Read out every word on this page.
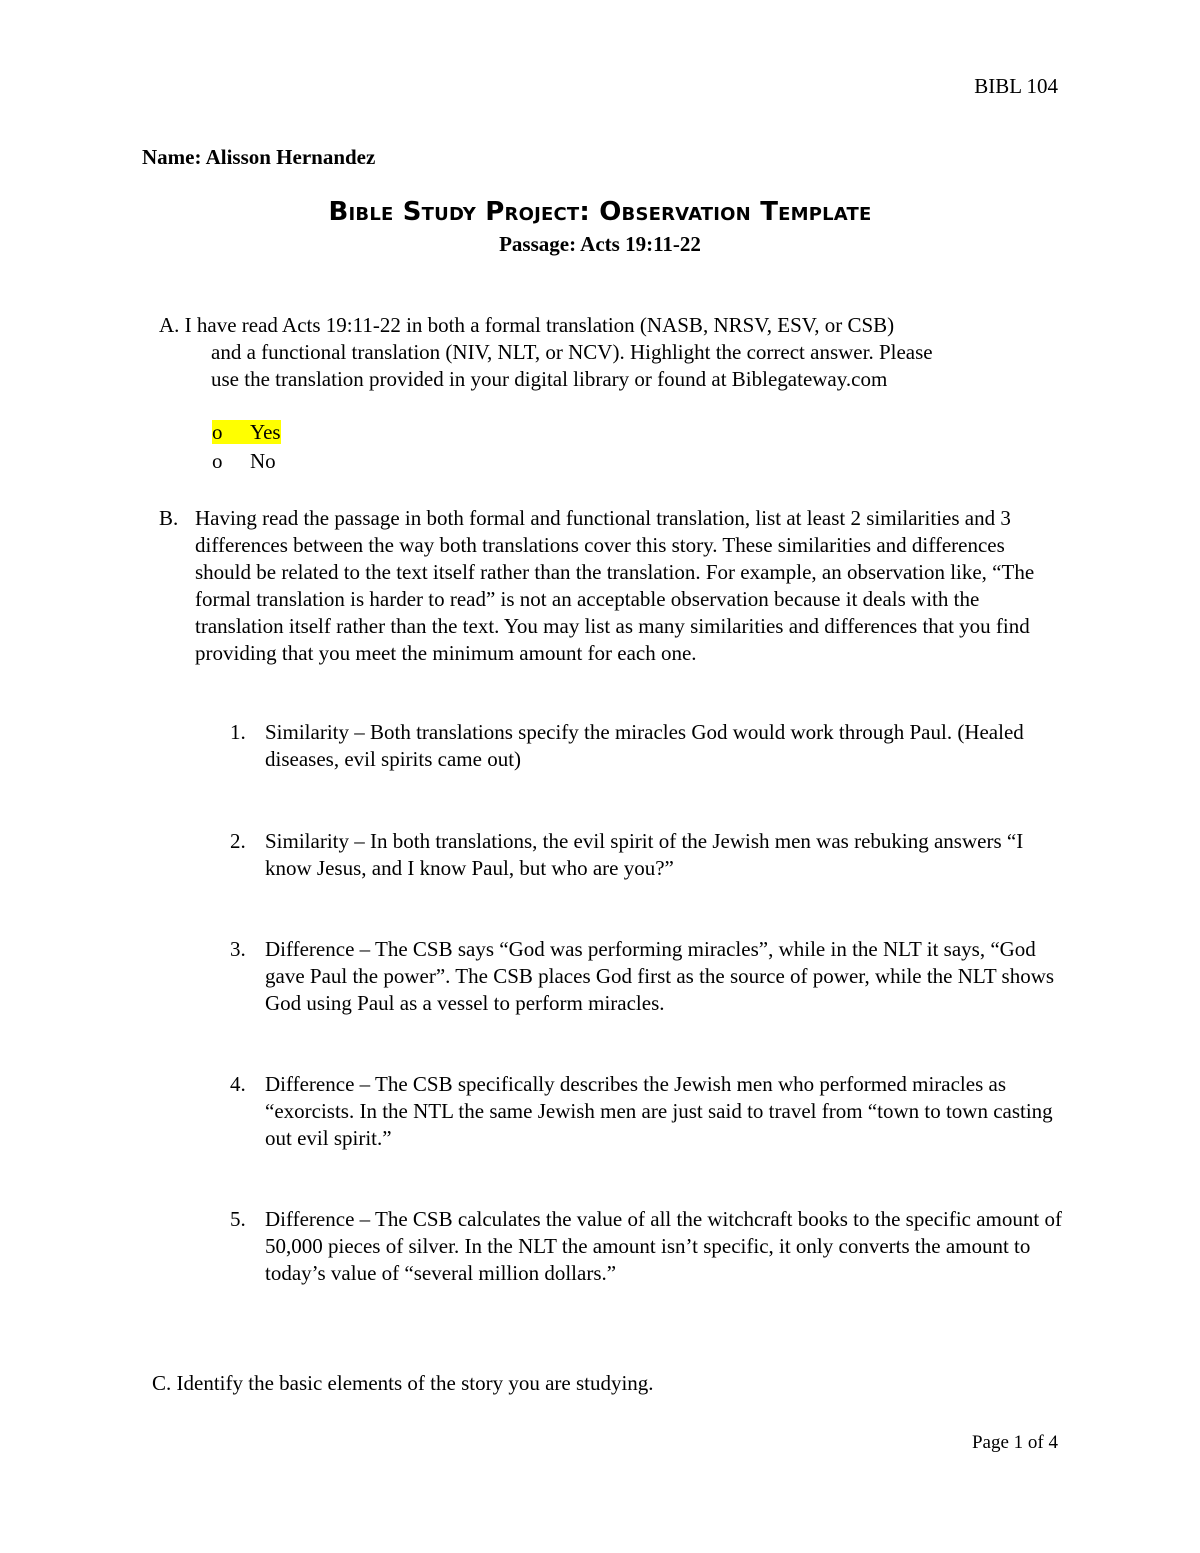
BIBL 104
Name: Alisson Hernandez
Bible Study Project: Observation Template
Passage: Acts 19:11-22
A. I have read Acts 19:11-22 in both a formal translation (NASB, NRSV, ESV, or CSB)
and a functional translation (NIV, NLT, or NCV). Highlight the correct answer. Please
use the translation provided in your digital library or found at Biblegateway.com
o Yes
o No
B. Having read the passage in both formal and functional translation, list at least 2 similarities and 3 differences between the way both translations cover this story. These similarities and differences should be related to the text itself rather than the translation. For example, an observation like, “The formal translation is harder to read” is not an acceptable observation because it deals with the translation itself rather than the text. You may list as many similarities and differences that you find providing that you meet the minimum amount for each one.
1. Similarity – Both translations specify the miracles God would work through Paul. (Healed diseases, evil spirits came out)
2. Similarity – In both translations, the evil spirit of the Jewish men was rebuking answers “I know Jesus, and I know Paul, but who are you?”
3. Difference – The CSB says “God was performing miracles”, while in the NLT it says, “God gave Paul the power”. The CSB places God first as the source of power, while the NLT shows God using Paul as a vessel to perform miracles.
4. Difference – The CSB specifically describes the Jewish men who performed miracles as “exorcists. In the NTL the same Jewish men are just said to travel from “town to town casting out evil spirit.”
5. Difference – The CSB calculates the value of all the witchcraft books to the specific amount of 50,000 pieces of silver. In the NLT the amount isn’t specific, it only converts the amount to today’s value of “several million dollars.”
C. Identify the basic elements of the story you are studying.
Page 1 of 4
